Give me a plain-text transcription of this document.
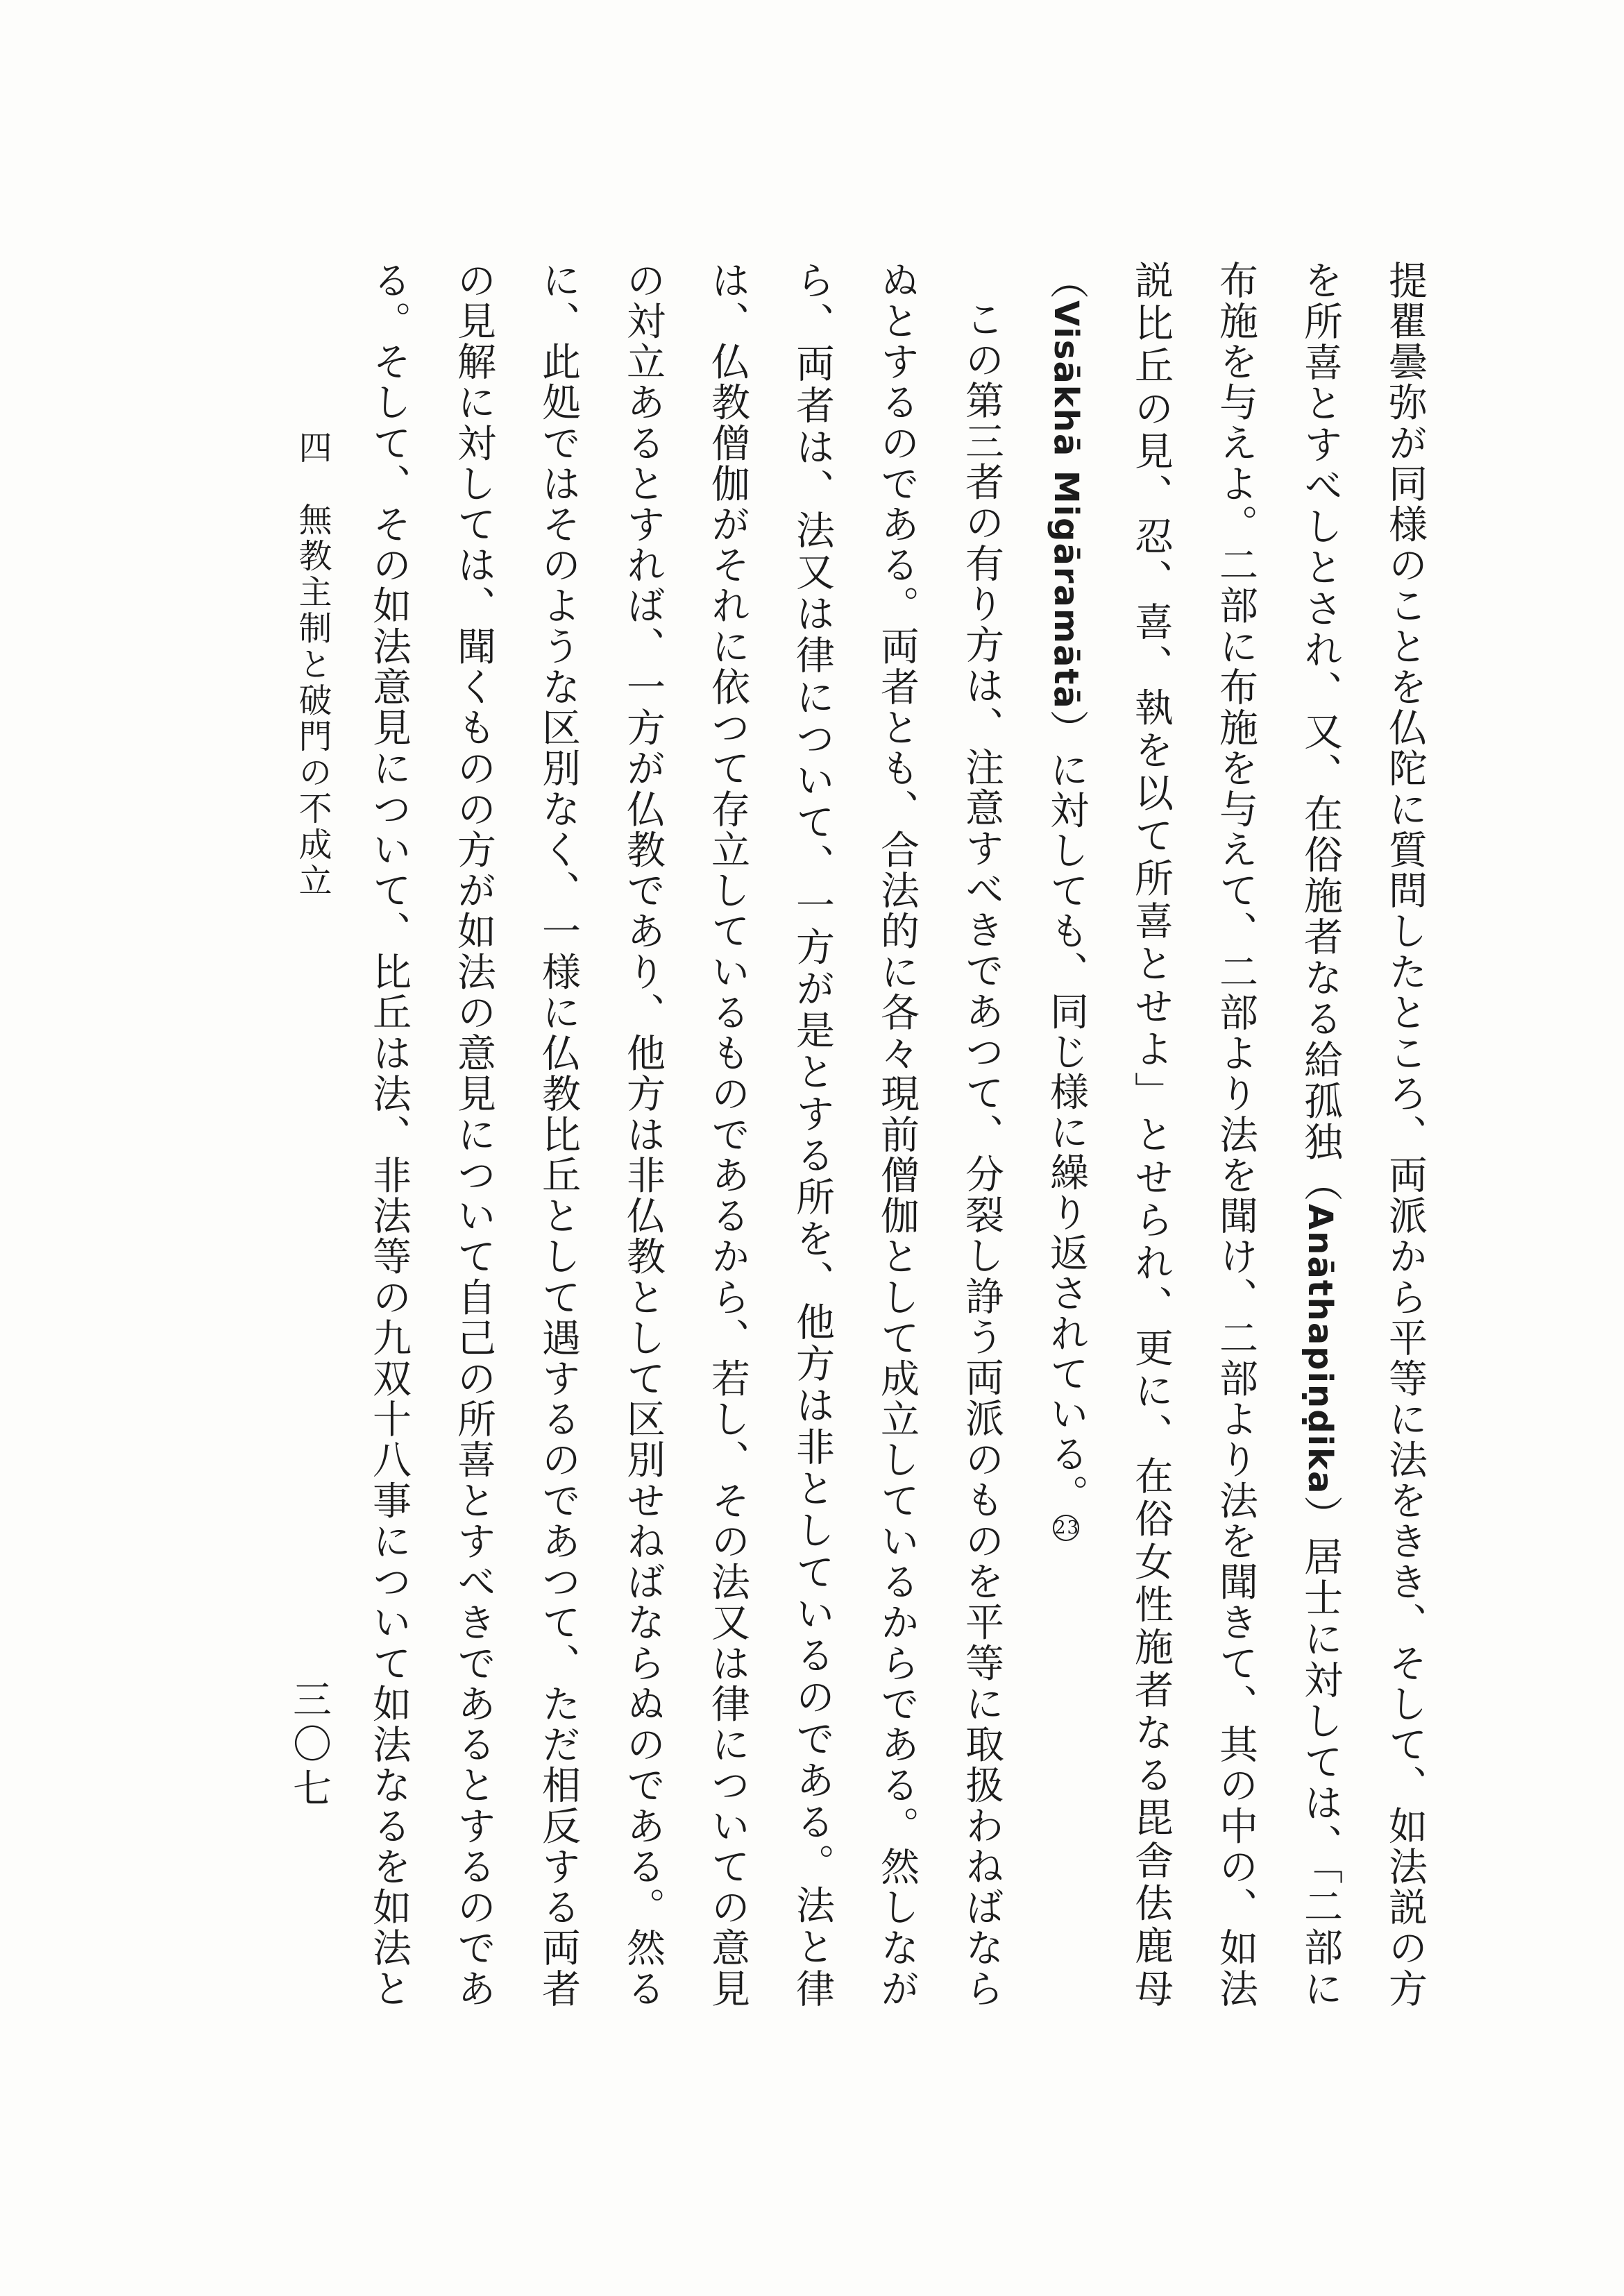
提瞿曇弥が同様のことを仏陀に質問したところ、両派から平等に法をきき、そして、如法説の方を所喜とすべしとされ、又、在俗施者なる給孤独（Anāthapiṇḍika）居士に対しては、「二部に布施を与えよ。二部に布施を与えて、二部より法を聞け、二部より法を聞きて、其の中の、如法説比丘の見、忍、喜、執を以て所喜とせよ」とせられ、更に、在俗女性施者なる毘舎佉鹿母（Visākhā Migāramātā）に対しても、同じ様に繰り返されている。23

この第三者の有り方は、注意すべきであつて、分裂し諍う両派のものを平等に取扱わねばならぬとするのである。両者とも、合法的に各々現前僧伽として成立しているからである。然しながら、両者は、法又は律について、一方が是とする所を、他方は非としているのである。法と律は、仏教僧伽がそれに依つて存立しているものであるから、若し、その法又は律についての意見の対立あるとすれば、一方が仏教であり、他方は非仏教として区別せねばならぬのである。然るに、此処ではそのような区別なく、一様に仏教比丘として遇するのであつて、ただ相反する両者の見解に対しては、聞くものの方が如法の意見について自己の所喜とすべきであるとするのである。そして、その如法意見について、比丘は法、非法等の九双十八事について如法なるを如法と

四　無教主制と破門の不成立
三〇七
